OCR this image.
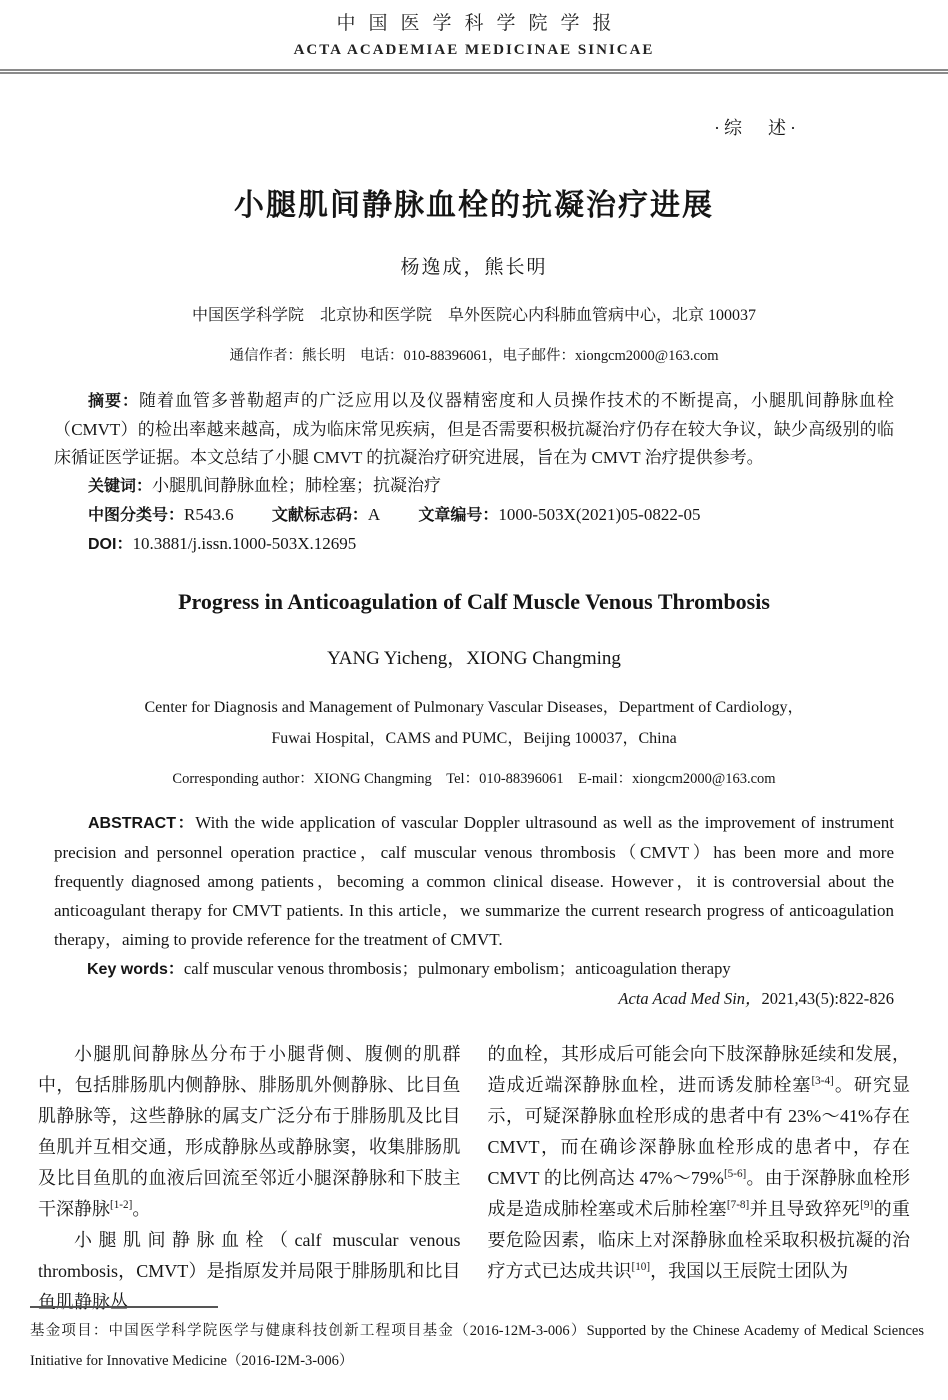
中国医学科学院学报
ACTA ACADEMIAE MEDICINAE SINICAE
·综　述·
小腿肌间静脉血栓的抗凝治疗进展
杨逸成，熊长明
中国医学科学院　北京协和医学院　阜外医院心内科肺血管病中心，北京 100037
通信作者：熊长明　电话：010-88396061，电子邮件：xiongcm2000@163.com

摘要：随着血管多普勒超声的广泛应用以及仪器精密度和人员操作技术的不断提高，小腿肌间静脉血栓（CMVT）的检出率越来越高，成为临床常见疾病，但是否需要积极抗凝治疗仍存在较大争议，缺少高级别的临床循证医学证据。本文总结了小腿 CMVT 的抗凝治疗研究进展，旨在为 CMVT 治疗提供参考。

关键词：小腿肌间静脉血栓；肺栓塞；抗凝治疗
中图分类号：R543.6 文献标志码：A 文章编号：1000-503X(2021)05-0822-05
DOI：10.3881/j.issn.1000-503X.12695
Progress in Anticoagulation of Calf Muscle Venous Thrombosis
YANG Yicheng，XIONG Changming
Center for Diagnosis and Management of Pulmonary Vascular Diseases，Department of Cardiology，
Fuwai Hospital，CAMS and PUMC，Beijing 100037，China
Corresponding author：XIONG Changming　Tel：010-88396061　E-mail：xiongcm2000@163.com

ABSTRACT：With the wide application of vascular Doppler ultrasound as well as the improvement of instrument precision and personnel operation practice，calf muscular venous thrombosis（CMVT）has been more and more frequently diagnosed among patients，becoming a common clinical disease. However，it is controversial about the anticoagulant therapy for CMVT patients. In this article，we summarize the current research progress of anticoagulation therapy，aiming to provide reference for the treatment of CMVT.

Key words：calf muscular venous thrombosis；pulmonary embolism；anticoagulation therapy
Acta Acad Med Sin，2021,43(5):822-826

小腿肌间静脉丛分布于小腿背侧、腹侧的肌群中，包括腓肠肌内侧静脉、腓肠肌外侧静脉、比目鱼肌静脉等，这些静脉的属支广泛分布于腓肠肌及比目鱼肌并互相交通，形成静脉丛或静脉窦，收集腓肠肌及比目鱼肌的血液后回流至邻近小腿深静脉和下肢主干深静脉[1-2]。

小腿肌间静脉血栓（calf muscular venous thrombosis，CMVT）是指原发并局限于腓肠肌和比目鱼肌静脉丛

的血栓，其形成后可能会向下肢深静脉延续和发展，造成近端深静脉血栓，进而诱发肺栓塞[3-4]。研究显示，可疑深静脉血栓形成的患者中有 23%～41%存在 CMVT，而在确诊深静脉血栓形成的患者中，存在 CMVT 的比例高达 47%～79%[5-6]。由于深静脉血栓形成是造成肺栓塞或术后肺栓塞[7-8]并且导致猝死[9]的重要危险因素，临床上对深静脉血栓采取积极抗凝的治疗方式已达成共识[10]，我国以王辰院士团队为

基金项目：中国医学科学院医学与健康科技创新工程项目基金（2016-12M-3-006）Supported by the Chinese Academy of Medical Sciences Initiative for Innovative Medicine（2016-I2M-3-006）
